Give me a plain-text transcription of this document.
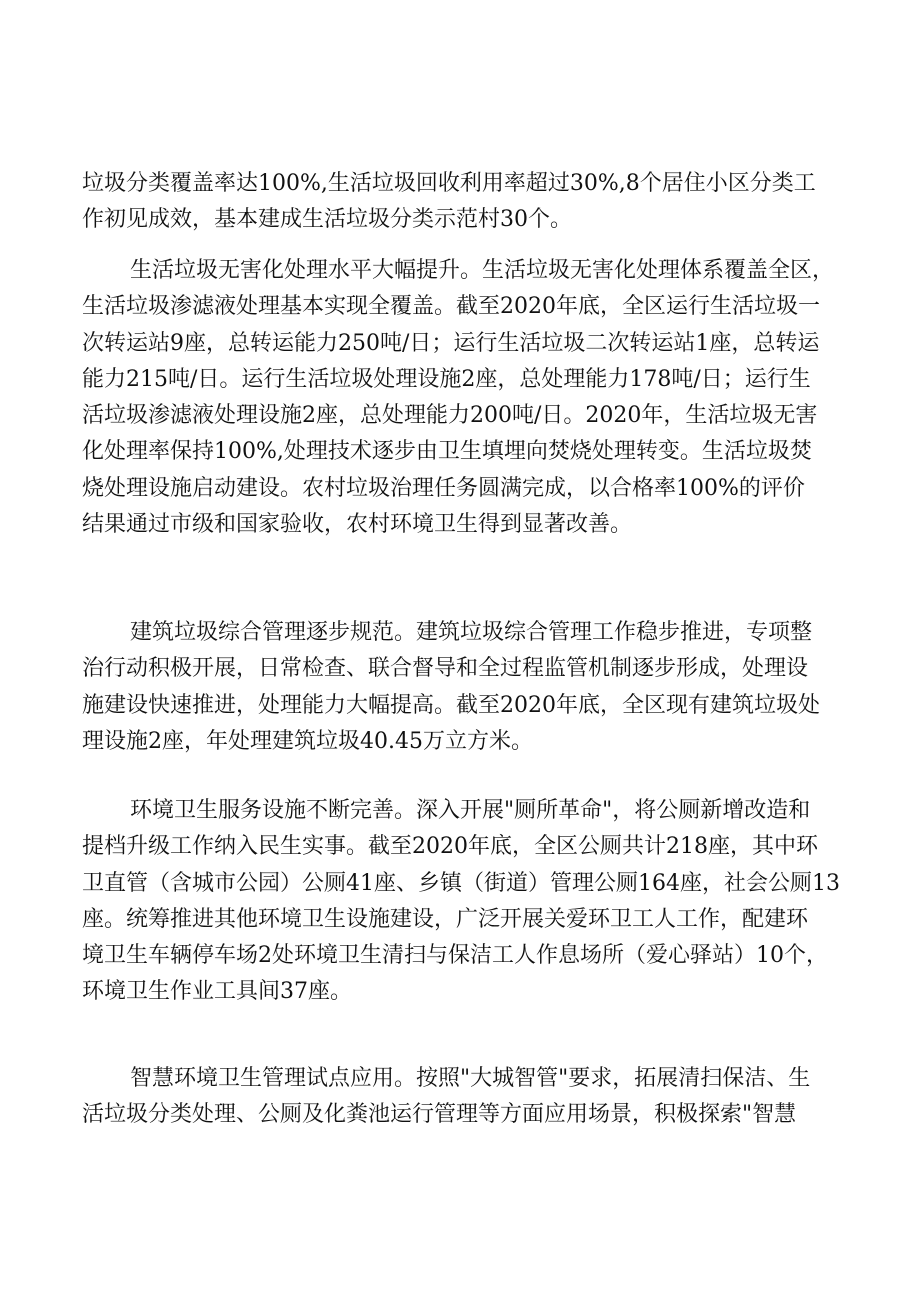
垃圾分类覆盖率达100%,生活垃圾回收利用率超过30%,8个居住小区分类工
作初见成效，基本建成生活垃圾分类示范村30个。
生活垃圾无害化处理水平大幅提升。生活垃圾无害化处理体系覆盖全区，
生活垃圾渗滤液处理基本实现全覆盖。截至2020年底，全区运行生活垃圾一
次转运站9座，总转运能力250吨/日；运行生活垃圾二次转运站1座，总转运
能力215吨/日。运行生活垃圾处理设施2座，总处理能力178吨/日；运行生
活垃圾渗滤液处理设施2座，总处理能力200吨/日。2020年，生活垃圾无害
化处理率保持100%,处理技术逐步由卫生填埋向焚烧处理转变。生活垃圾焚
烧处理设施启动建设。农村垃圾治理任务圆满完成，以合格率100%的评价
结果通过市级和国家验收，农村环境卫生得到显著改善。
建筑垃圾综合管理逐步规范。建筑垃圾综合管理工作稳步推进，专项整
治行动积极开展，日常检查、联合督导和全过程监管机制逐步形成，处理设
施建设快速推进，处理能力大幅提高。截至2020年底，全区现有建筑垃圾处
理设施2座，年处理建筑垃圾40.45万立方米。
环境卫生服务设施不断完善。深入开展"厕所革命"，将公厕新增改造和
提档升级工作纳入民生实事。截至2020年底，全区公厕共计218座，其中环
卫直管（含城市公园）公厕41座、乡镇（街道）管理公厕164座，社会公厕13
座。统筹推进其他环境卫生设施建设，广泛开展关爱环卫工人工作，配建环
境卫生车辆停车场2处环境卫生清扫与保洁工人作息场所（爱心驿站）10个，
环境卫生作业工具间37座。
智慧环境卫生管理试点应用。按照"大城智管"要求，拓展清扫保洁、生
活垃圾分类处理、公厕及化粪池运行管理等方面应用场景，积极探索"智慧
